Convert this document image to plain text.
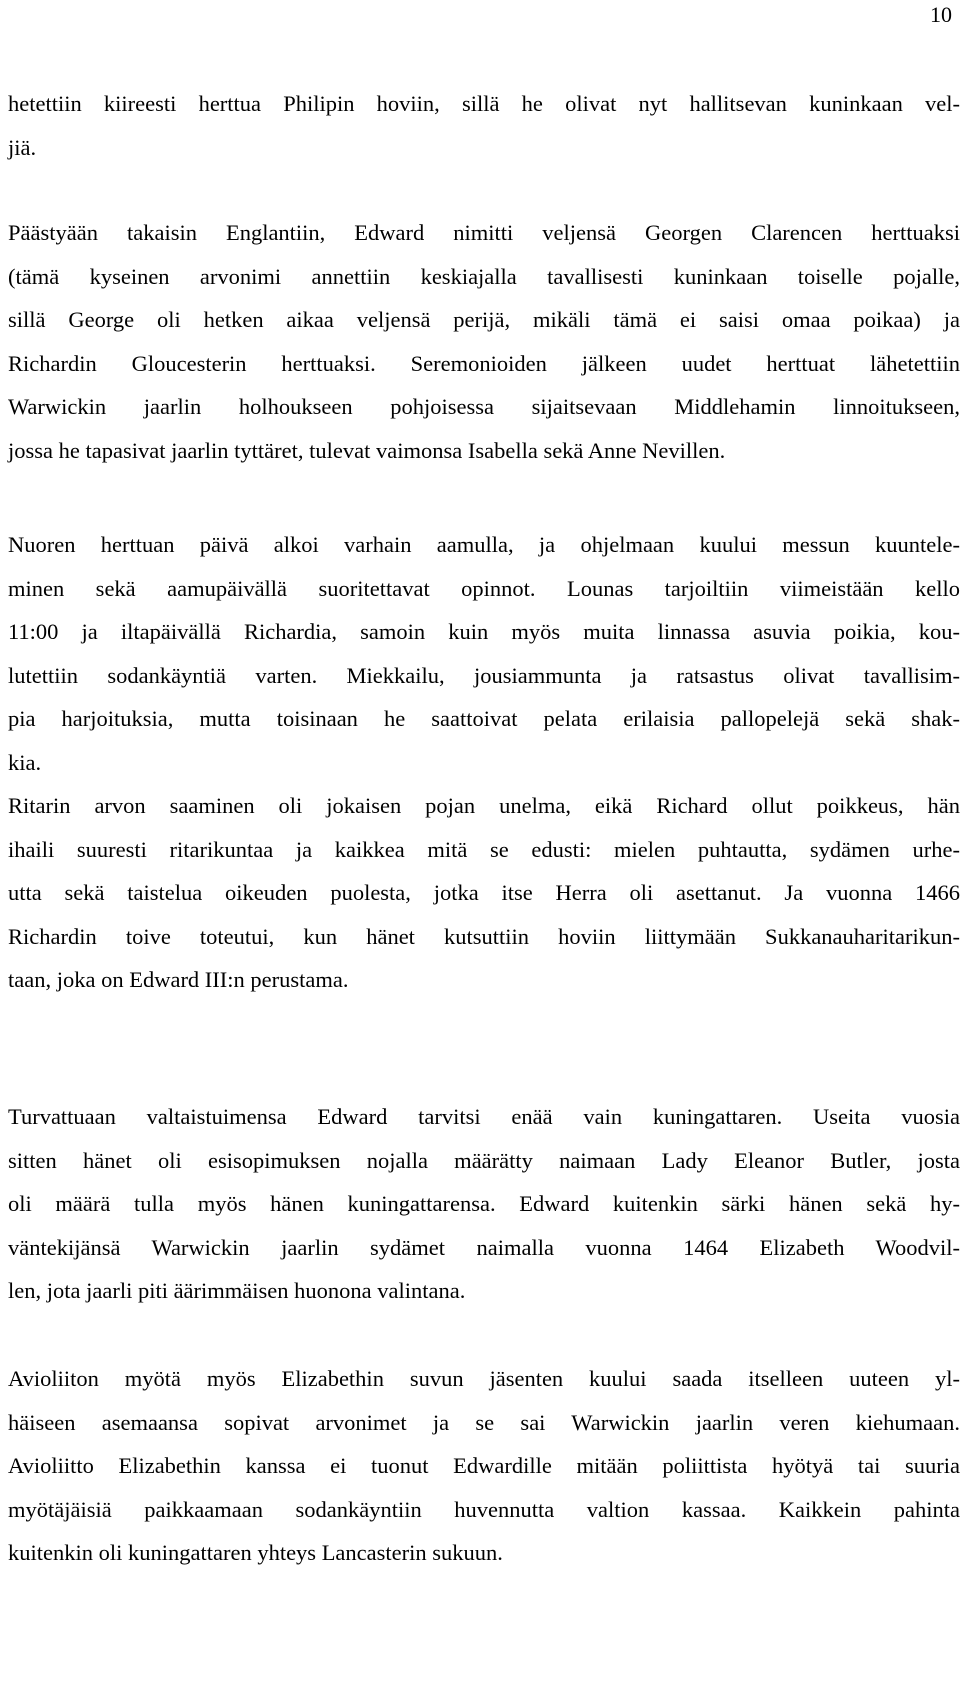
10
hetettiin kiireesti herttua Philipin hoviin, sillä he olivat nyt hallitsevan kuninkaan vel-
jiä.
Päästyään takaisin Englantiin, Edward nimitti veljensä Georgen Clarencen herttuaksi
(tämä kyseinen arvonimi annettiin keskiajalla tavallisesti kuninkaan toiselle pojalle,
sillä George oli hetken aikaa veljensä perijä, mikäli tämä ei saisi omaa poikaa) ja
Richardin Gloucesterin herttuaksi. Seremonioiden jälkeen uudet herttuat lähetettiin
Warwickin jaarlin holhoukseen pohjoisessa sijaitsevaan Middlehamin linnoitukseen,
jossa he tapasivat jaarlin tyttäret, tulevat vaimonsa Isabella sekä Anne Nevillen.
Nuoren herttuan päivä alkoi varhain aamulla, ja ohjelmaan kuului messun kuuntele-
minen sekä aamupäivällä suoritettavat opinnot. Lounas tarjoiltiin viimeistään kello
11:00 ja iltapäivällä Richardia, samoin kuin myös muita linnassa asuvia poikia, kou-
lutettiin sodankäyntiä varten. Miekkailu, jousiammunta ja ratsastus olivat tavallisim-
pia harjoituksia, mutta toisinaan he saattoivat pelata erilaisia pallopelejä sekä shak-
kia.
Ritarin arvon saaminen oli jokaisen pojan unelma, eikä Richard ollut poikkeus, hän
ihaili suuresti ritarikuntaa ja kaikkea mitä se edusti: mielen puhtautta, sydämen urhe-
utta sekä taistelua oikeuden puolesta, jotka itse Herra oli asettanut. Ja vuonna 1466
Richardin toive toteutui, kun hänet kutsuttiin hoviin liittymään Sukkanauharitarikun-
taan, joka on Edward III:n perustama.
Turvattuaan valtaistuimensa Edward tarvitsi enää vain kuningattaren. Useita vuosia
sitten hänet oli esisopimuksen nojalla määrätty naimaan Lady Eleanor Butler, josta
oli määrä tulla myös hänen kuningattarensa. Edward kuitenkin särki hänen sekä hy-
väntekijänsä Warwickin jaarlin sydämet naimalla vuonna 1464 Elizabeth Woodvil-
len, jota jaarli piti äärimmäisen huonona valintana.
Avioliiton myötä myös Elizabethin suvun jäsenten kuului saada itselleen uuteen yl-
häiseen asemaansa sopivat arvonimet ja se sai Warwickin jaarlin veren kiehumaan.
Avioliitto Elizabethin kanssa ei tuonut Edwardille mitään poliittista hyötyä tai suuria
myötäjäisiä paikkaamaan sodankäyntiin huvennutta valtion kassaa. Kaikkein pahinta
kuitenkin oli kuningattaren yhteys Lancasterin sukuun.
